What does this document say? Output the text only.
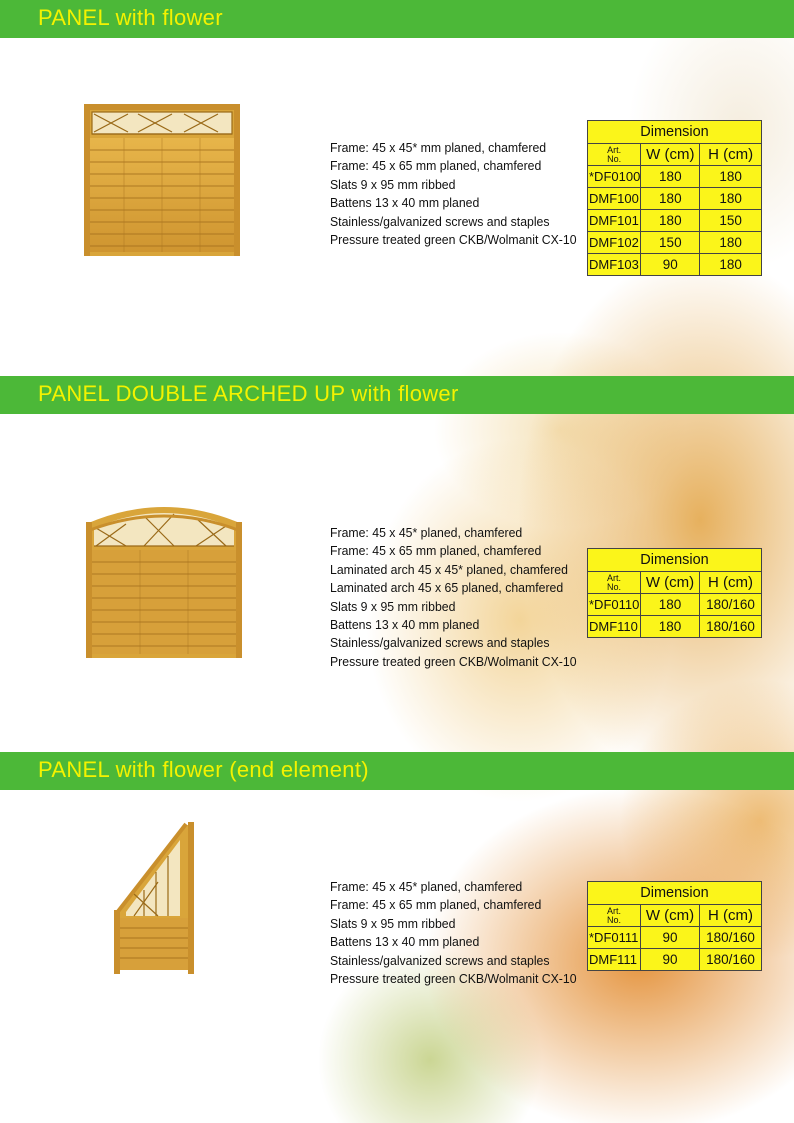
PANEL with flower
Frame: 45 x 45* mm planed, chamfered
Frame: 45 x 65 mm planed, chamfered
Slats 9 x 95 mm ribbed
Battens 13 x 40 mm planed
Stainless/galvanized screws and staples
Pressure treated green CKB/Wolmanit CX-10
Dimension		
Art.
No.	W (cm)	H (cm)
*DF0100	180	180
DMF100	180	180
DMF101	180	150
DMF102	150	180
DMF103	90	180
PANEL DOUBLE ARCHED UP with flower
Frame: 45 x 45* planed, chamfered
Frame: 45 x 65 mm planed, chamfered
Laminated arch 45 x 45* planed, chamfered
Laminated arch 45 x 65 planed, chamfered
Slats 9 x 95 mm ribbed
Battens 13 x 40 mm planed
Stainless/galvanized screws and staples
Pressure treated green CKB/Wolmanit CX-10
Dimension		
Art.
No.	W (cm)	H (cm)
*DF0110	180	180/160
DMF110	180	180/160
PANEL with flower (end element)
Frame: 45 x 45* planed, chamfered
Frame: 45 x 65 mm planed, chamfered
Slats 9 x 95 mm ribbed
Battens 13 x 40 mm planed
Stainless/galvanized screws and staples
Pressure treated green CKB/Wolmanit CX-10
Dimension		
Art.
No.	W (cm)	H (cm)
*DF0111	90	180/160
DMF111	90	180/160
